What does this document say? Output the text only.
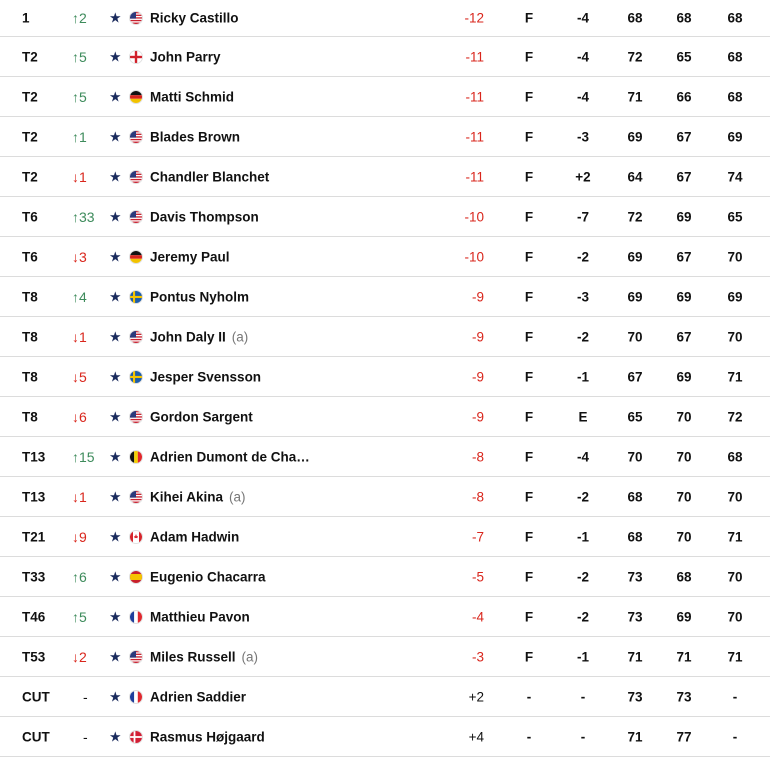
1	↑2 ★ Ricky Castillo	-12	F	-4	68	68	68
T2 ↑5 ★ John Parry	-11	F	-4	72	65	68
T2 ↑5 ★ Matti Schmid	-11	F	-4	71	66	68
T2 ↑1 ★ Blades Brown	-11	F	-3	69	67	69
T2 ↓1 ★ Chandler Blanchet	-11	F	+2	64	67	74
T6 ↑33 ★ Davis Thompson	-10	F	-7	72	69	65
T6 ↓3 ★ Jeremy Paul	-10	F	-2	69	67	70
T8 ↑4 ★ Pontus Nyholm	-9	F	-3	69	69	69
T8 ↓1 ★ John Daly II (a)	-9	F	-2	70	67	70
T8 ↓5 ★ Jesper Svensson	-9	F	-1	67	69	71
T8 ↓6 ★ Gordon Sargent	-9	F	E	65	70	72
T13 ↑15 ★ Adrien Dumont de Cha…	-8	F	-4	70	70	68
T13 ↓1 ★ Kihei Akina (a)	-8	F	-2	68	70	70
T21 ↓9 ★ Adam Hadwin	-7	F	-1	68	70	71
T33 ↑6 ★ Eugenio Chacarra	-5	F	-2	73	68	70
T46 ↑5 ★ Matthieu Pavon	-4	F	-2	73	69	70
T53 ↓2 ★ Miles Russell (a)	-3	F	-1	71	71	71
CUT - ★ Adrien Saddier	+2	-	-	73	73	-
CUT - ★ Rasmus Højgaard	+4	-	-	71	77	-
